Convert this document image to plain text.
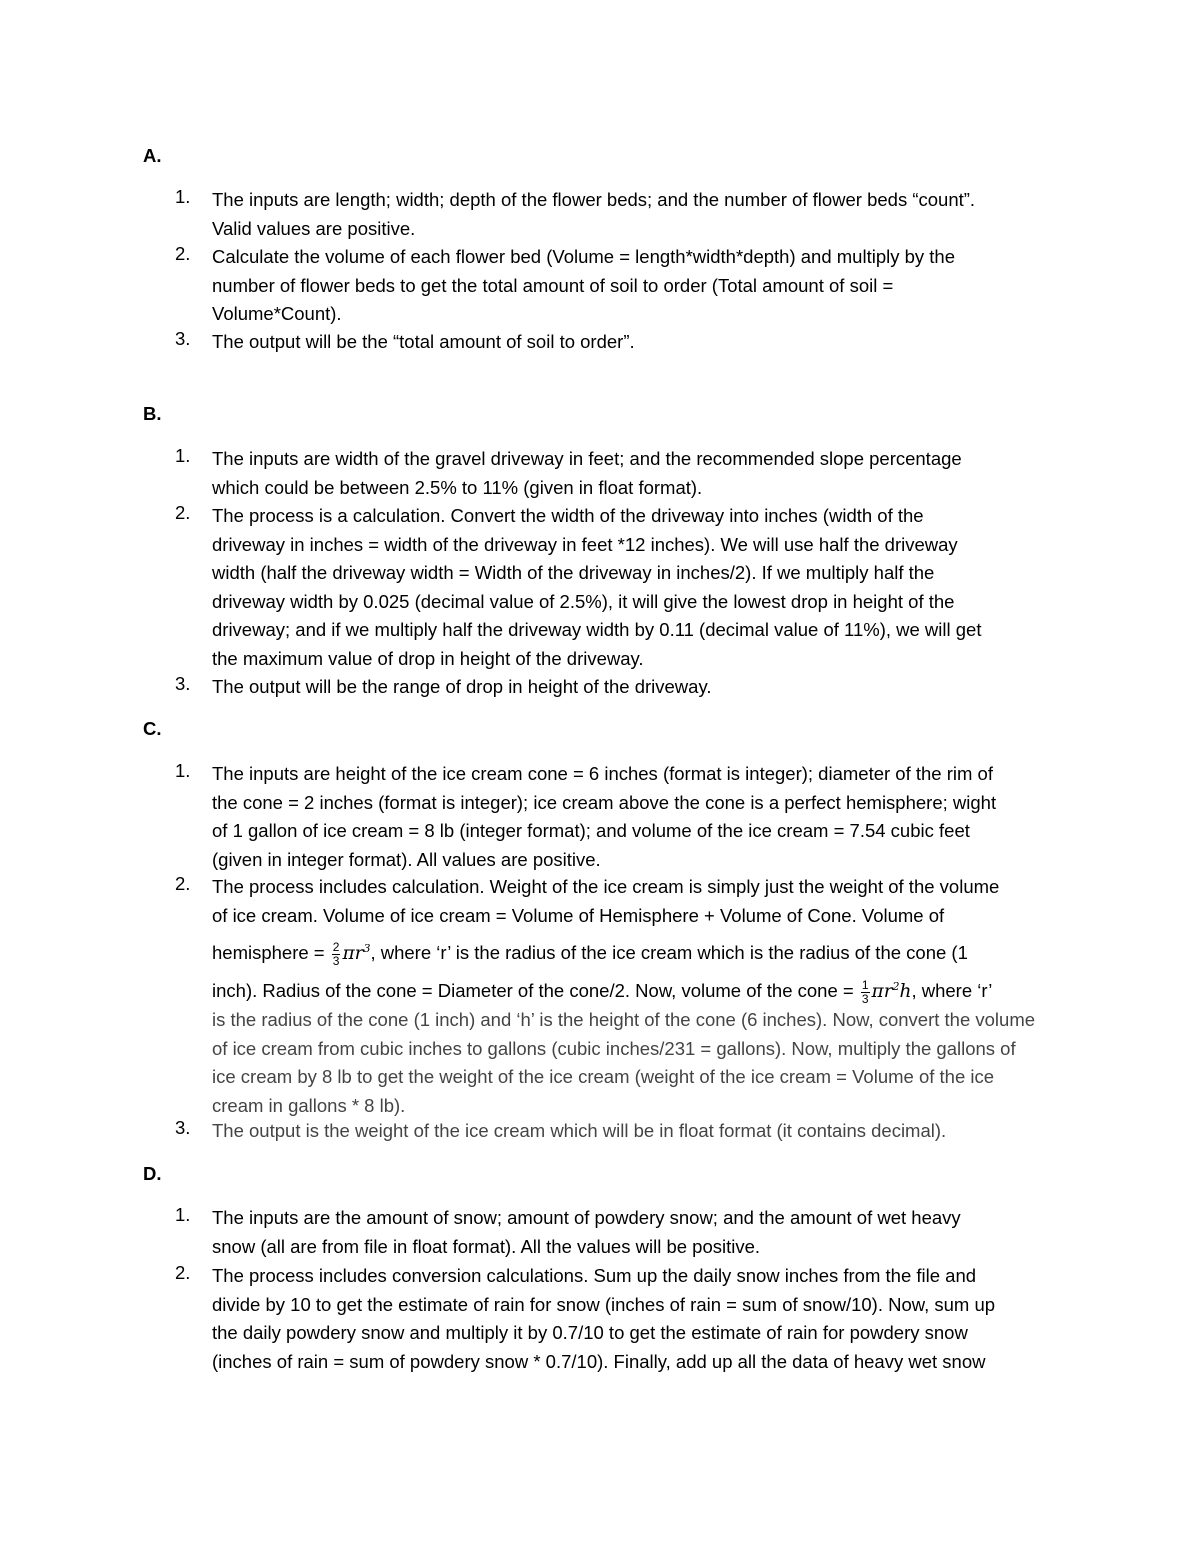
A.
1.	The inputs are length; width; depth of the flower beds; and the number of flower beds “count”.
Valid values are positive.
2.	Calculate the volume of each flower bed (Volume = length*width*depth) and multiply by the
number of flower beds to get the total amount of soil to order (Total amount of soil =
Volume*Count).
3.	The output will be the “total amount of soil to order”.
B.
1.	The inputs are width of the gravel driveway in feet; and the recommended slope percentage
which could be between 2.5% to 11% (given in float format).
2.	The process is a calculation. Convert the width of the driveway into inches (width of the
driveway in inches = width of the driveway in feet *12 inches). We will use half the driveway
width (half the driveway width = Width of the driveway in inches/2). If we multiply half the
driveway width by 0.025 (decimal value of 2.5%), it will give the lowest drop in height of the
driveway; and if we multiply half the driveway width by 0.11 (decimal value of 11%), we will get
the maximum value of drop in height of the driveway.
3.	The output will be the range of drop in height of the driveway.
C.
1.	The inputs are height of the ice cream cone = 6 inches (format is integer); diameter of the rim of
the cone = 2 inches (format is integer); ice cream above the cone is a perfect hemisphere; wight
of 1 gallon of ice cream = 8 lb (integer format); and volume of the ice cream = 7.54 cubic feet
(given in integer format). All values are positive.
2.	The process includes calculation. Weight of the ice cream is simply just the weight of the volume
of ice cream. Volume of ice cream = Volume of Hemisphere + Volume of Cone. Volume of
hemisphere = $\frac{2}{3} \pi r^3$, where ‘r’ is the radius of the ice cream which is the radius of the cone (1
inch). Radius of the cone = Diameter of the cone/2. Now, volume of the cone = $\frac{1}{3} \pi r^2h$, where ‘r’
is the radius of the cone (1 inch) and ‘h’ is the height of the cone (6 inches). Now, convert the volume
of ice cream from cubic inches to gallons (cubic inches/231 = gallons). Now, multiply the gallons of
ice cream by 8 lb to get the weight of the ice cream (weight of the ice cream = Volume of the ice
cream in gallons * 8 lb).
3.	The output is the weight of the ice cream which will be in float format (it contains decimal).
D.
1.	The inputs are the amount of snow; amount of powdery snow; and the amount of wet heavy
snow (all are from file in float format). All the values will be positive.
2.	The process includes conversion calculations. Sum up the daily snow inches from the file and
divide by 10 to get the estimate of rain for snow (inches of rain = sum of snow/10). Now, sum up
the daily powdery snow and multiply it by 0.7/10 to get the estimate of rain for powdery snow
(inches of rain = sum of powdery snow * 0.7/10). Finally, add up all the data of heavy wet snow
